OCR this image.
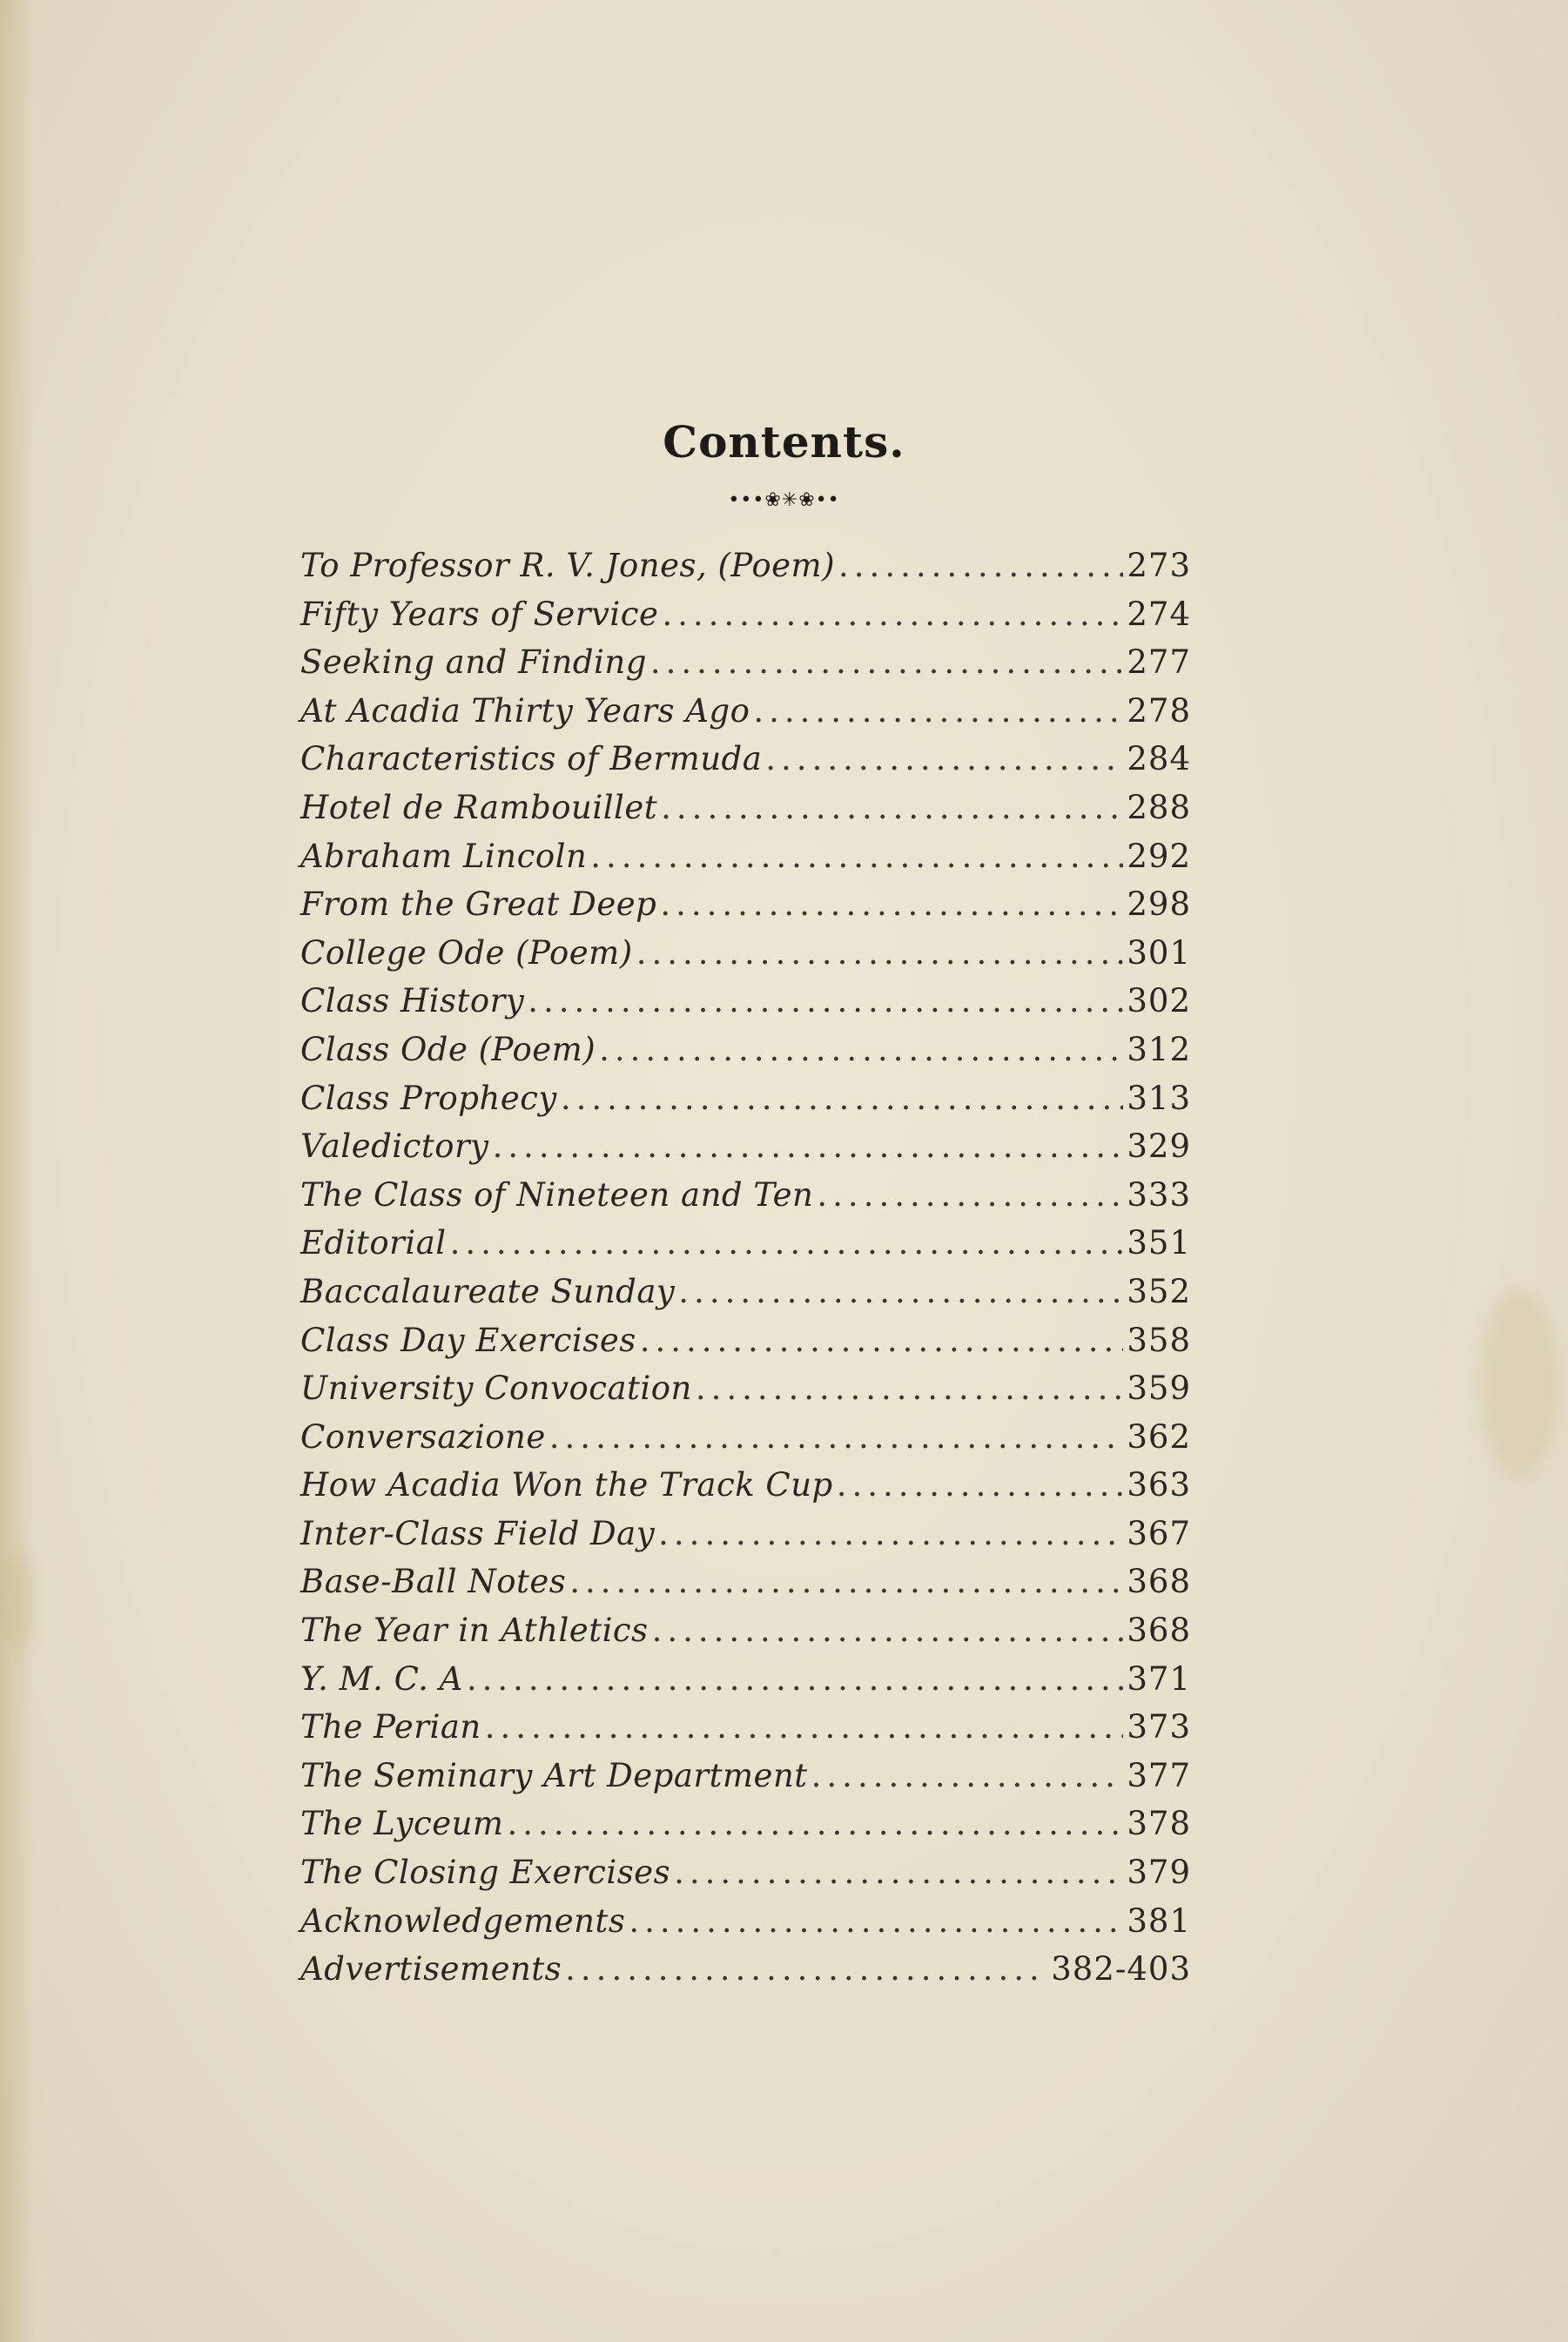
Contents.
•••❀✳❀••
To Professor R. V. Jones, (Poem) .....	273
Fifty Years of Service .....	274
Seeking and Finding .....	277
At Acadia Thirty Years Ago .....	278
Characteristics of Bermuda .....	284
Hotel de Rambouillet .....	288
Abraham Lincoln .....	292
From the Great Deep .....	298
College Ode (Poem) .....	301
Class History .....	302
Class Ode (Poem) .....	312
Class Prophecy .....	313
Valedictory .....	329
The Class of Nineteen and Ten .....	333
Editorial .....	351
Baccalaureate Sunday .....	352
Class Day Exercises .....	358
University Convocation .....	359
Conversazione .....	362
How Acadia Won the Track Cup .....	363
Inter-Class Field Day .....	367
Base-Ball Notes .....	368
The Year in Athletics .....	368
Y. M. C. A .....	371
The Perian .....	373
The Seminary Art Department .....	377
The Lyceum .....	378
The Closing Exercises .....	379
Acknowledgements .....	381
Advertisements .....	382-403
